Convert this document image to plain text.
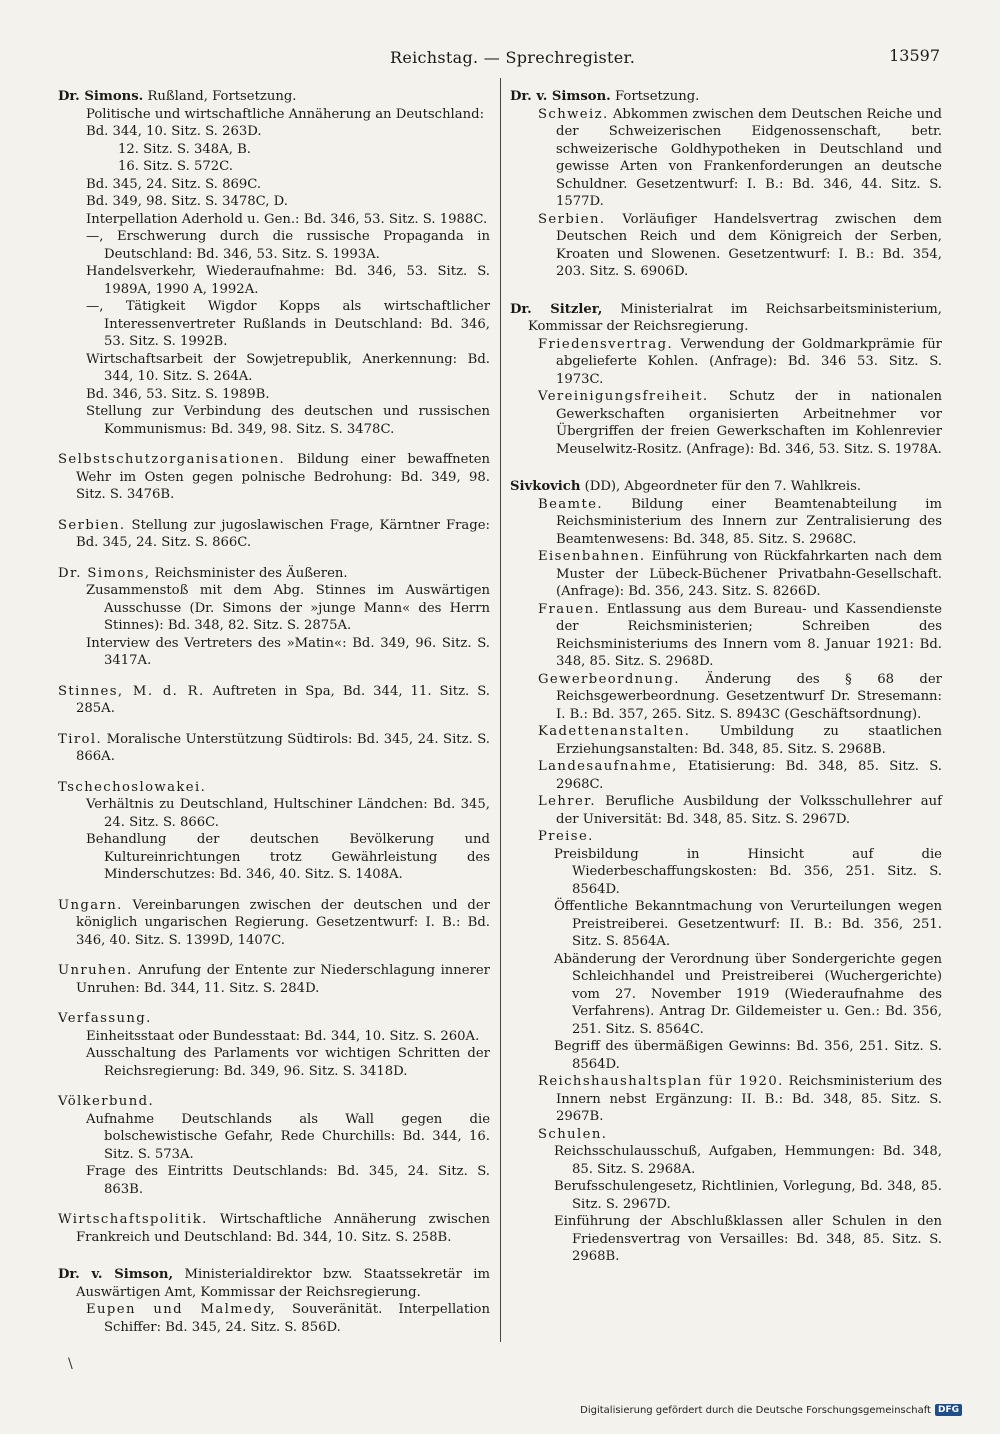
Reichstag. — Sprechregister.	13597
Dr. Simons. Rußland, Fortsetzung.
Politische und wirtschaftliche Annäherung an Deutschland:
Bd. 344, 10. Sitz. S. 263D.
12. Sitz. S. 348A, B.
16. Sitz. S. 572C.
Bd. 345, 24. Sitz. S. 869C.
Bd. 349, 98. Sitz. S. 3478C, D.
Interpellation Aderhold u. Gen.: Bd. 346, 53. Sitz. S. 1988C.
—, Erschwerung durch die russische Propaganda in Deutschland: Bd. 346, 53. Sitz. S. 1993A.
Handelsverkehr, Wiederaufnahme: Bd. 346, 53. Sitz. S. 1989A, 1990 A, 1992A.
—, Tätigkeit Wigdor Kopps als wirtschaftlicher Interessenvertreter Rußlands in Deutschland: Bd. 346, 53. Sitz. S. 1992B.
Wirtschaftsarbeit der Sowjetrepublik, Anerkennung: Bd. 344, 10. Sitz. S. 264A.
Bd. 346, 53. Sitz. S. 1989B.
Stellung zur Verbindung des deutschen und russischen Kommunismus: Bd. 349, 98. Sitz. S. 3478C.
Selbstschutzorganisationen. Bildung einer bewaffneten Wehr im Osten gegen polnische Bedrohung: Bd. 349, 98. Sitz. S. 3476B.
Serbien. Stellung zur jugoslawischen Frage, Kärntner Frage: Bd. 345, 24. Sitz. S. 866C.
Dr. Simons, Reichsminister des Äußeren.
Zusammenstoß mit dem Abg. Stinnes im Auswärtigen Ausschusse (Dr. Simons der »junge Mann« des Herrn Stinnes): Bd. 348, 82. Sitz. S. 2875A.
Interview des Vertreters des »Matin«: Bd. 349, 96. Sitz. S. 3417A.
Stinnes, M. d. R. Auftreten in Spa, Bd. 344, 11. Sitz. S. 285A.
Tirol. Moralische Unterstützung Südtirols: Bd. 345, 24. Sitz. S. 866A.
Tschechoslowakei.
Verhältnis zu Deutschland, Hultschiner Ländchen: Bd. 345, 24. Sitz. S. 866C.
Behandlung der deutschen Bevölkerung und Kultureinrichtungen trotz Gewährleistung des Minderschutzes: Bd. 346, 40. Sitz. S. 1408A.
Ungarn. Vereinbarungen zwischen der deutschen und der königlich ungarischen Regierung. Gesetzentwurf: I. B.: Bd. 346, 40. Sitz. S. 1399D, 1407C.
Unruhen. Anrufung der Entente zur Niederschlagung innerer Unruhen: Bd. 344, 11. Sitz. S. 284D.
Verfassung.
Einheitsstaat oder Bundesstaat: Bd. 344, 10. Sitz. S. 260A.
Ausschaltung des Parlaments vor wichtigen Schritten der Reichsregierung: Bd. 349, 96. Sitz. S. 3418D.
Völkerbund.
Aufnahme Deutschlands als Wall gegen die bolschewistische Gefahr, Rede Churchills: Bd. 344, 16. Sitz. S. 573A.
Frage des Eintritts Deutschlands: Bd. 345, 24. Sitz. S. 863B.
Wirtschaftspolitik. Wirtschaftliche Annäherung zwischen Frankreich und Deutschland: Bd. 344, 10. Sitz. S. 258B.
Dr. v. Simson, Ministerialdirektor bzw. Staatssekretär im Auswärtigen Amt, Kommissar der Reichsregierung.
Eupen und Malmedy, Souveränität. Interpellation Schiffer: Bd. 345, 24. Sitz. S. 856D.
Dr. v. Simson. Fortsetzung.
Schweiz. Abkommen zwischen dem Deutschen Reiche und der Schweizerischen Eidgenossenschaft, betr. schweizerische Goldhypotheken in Deutschland und gewisse Arten von Frankenforderungen an deutsche Schuldner. Gesetzentwurf: I. B.: Bd. 346, 44. Sitz. S. 1577D.
Serbien. Vorläufiger Handelsvertrag zwischen dem Deutschen Reich und dem Königreich der Serben, Kroaten und Slowenen. Gesetzentwurf: I. B.: Bd. 354, 203. Sitz. S. 6906D.
Dr. Sitzler, Ministerialrat im Reichsarbeitsministerium, Kommissar der Reichsregierung.
Friedensvertrag. Verwendung der Goldmarkprämie für abgelieferte Kohlen. (Anfrage): Bd. 346 53. Sitz. S. 1973C.
Vereinigungsfreiheit. Schutz der in nationalen Gewerkschaften organisierten Arbeitnehmer vor Übergriffen der freien Gewerkschaften im Kohlenrevier Meuselwitz-Rositz. (Anfrage): Bd. 346, 53. Sitz. S. 1978A.
Sivkovich (DD), Abgeordneter für den 7. Wahlkreis.
Beamte. Bildung einer Beamtenabteilung im Reichsministerium des Innern zur Zentralisierung des Beamtenwesens: Bd. 348, 85. Sitz. S. 2968C.
Eisenbahnen. Einführung von Rückfahrkarten nach dem Muster der Lübeck-Büchener Privatbahn-Gesellschaft. (Anfrage): Bd. 356, 243. Sitz. S. 8266D.
Frauen. Entlassung aus dem Bureau- und Kassendienste der Reichsministerien; Schreiben des Reichsministeriums des Innern vom 8. Januar 1921: Bd. 348, 85. Sitz. S. 2968D.
Gewerbeordnung. Änderung des § 68 der Reichsgewerbeordnung. Gesetzentwurf Dr. Stresemann: I. B.: Bd. 357, 265. Sitz. S. 8943C (Geschäftsordnung).
Kadettenanstalten. Umbildung zu staatlichen Erziehungsanstalten: Bd. 348, 85. Sitz. S. 2968B.
Landesaufnahme, Etatisierung: Bd. 348, 85. Sitz. S. 2968C.
Lehrer. Berufliche Ausbildung der Volksschullehrer auf der Universität: Bd. 348, 85. Sitz. S. 2967D.
Preise.
Preisbildung in Hinsicht auf die Wiederbeschaffungskosten: Bd. 356, 251. Sitz. S. 8564D.
Öffentliche Bekanntmachung von Verurteilungen wegen Preistreiberei. Gesetzentwurf: II. B.: Bd. 356, 251. Sitz. S. 8564A.
Abänderung der Verordnung über Sondergerichte gegen Schleichhandel und Preistreiberei (Wuchergerichte) vom 27. November 1919 (Wiederaufnahme des Verfahrens). Antrag Dr. Gildemeister u. Gen.: Bd. 356, 251. Sitz. S. 8564C.
Begriff des übermäßigen Gewinns: Bd. 356, 251. Sitz. S. 8564D.
Reichshaushaltsplan für 1920. Reichsministerium des Innern nebst Ergänzung: II. B.: Bd. 348, 85. Sitz. S. 2967B.
Schulen.
Reichsschulausschuß, Aufgaben, Hemmungen: Bd. 348, 85. Sitz. S. 2968A.
Berufsschulengesetz, Richtlinien, Vorlegung, Bd. 348, 85. Sitz. S. 2967D.
Einführung der Abschlußklassen aller Schulen in den Friedensvertrag von Versailles: Bd. 348, 85. Sitz. S. 2968B.
\
Digitalisierung gefördert durch die Deutsche Forschungsgemeinschaft DFG
